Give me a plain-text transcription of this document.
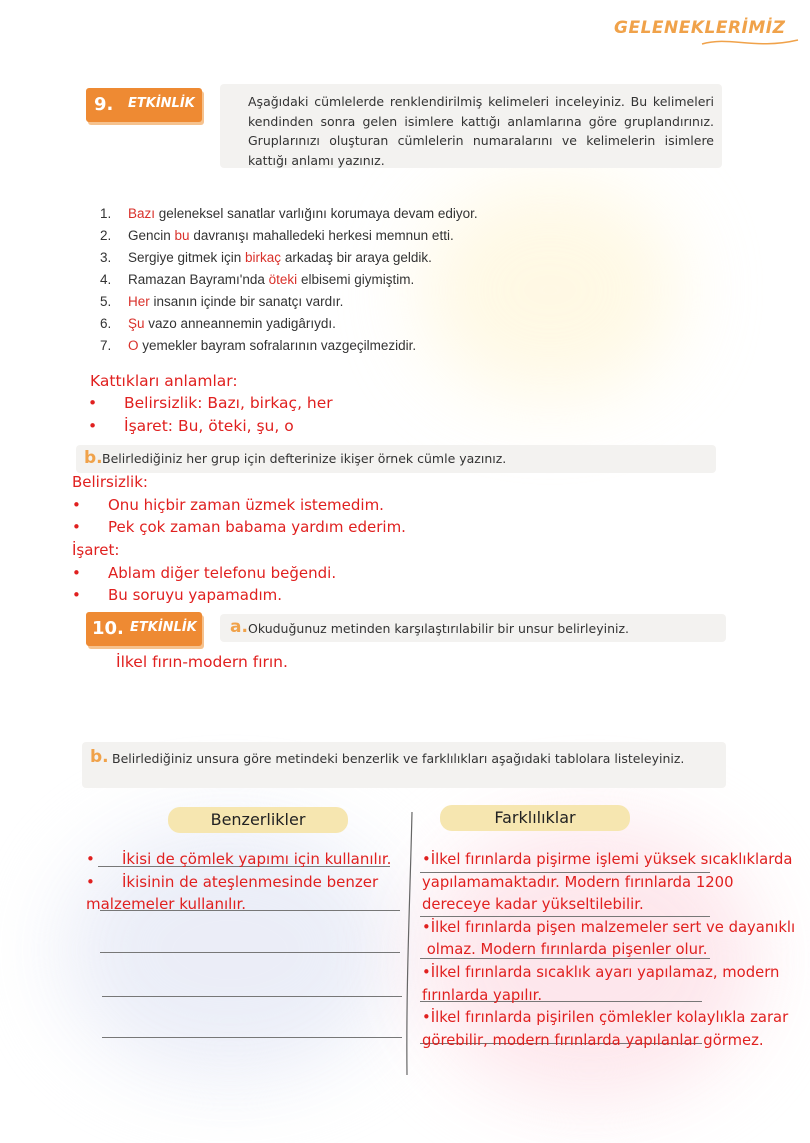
GELENEKLERİMİZ
9. ETKİNLİK	Aşağıdaki cümlelerde renklendirilmiş kelimeleri inceleyiniz. Bu kelimeleri kendinden sonra gelen isimlere kattığı anlamlarına göre gruplandırınız. Gruplarınızı oluşturan cümlelerin numaralarını ve kelimelerin isimlere kattığı anlamı yazınız.
1. Bazı geleneksel sanatlar varlığını korumaya devam ediyor.
2. Gencin bu davranışı mahalledeki herkesi memnun etti.
3. Sergiye gitmek için birkaç arkadaş bir araya geldik.
4. Ramazan Bayramı'nda öteki elbisemi giymiştim.
5. Her insanın içinde bir sanatçı vardır.
6. Şu vazo anneannemin yadigârıydı.
7. O yemekler bayram sofralarının vazgeçilmezidir.
Kattıkları anlamlar:
• Belirsizlik: Bazı, birkaç, her
• İşaret: Bu, öteki, şu, o
b. Belirlediğiniz her grup için defterinize ikişer örnek cümle yazınız.
Belirsizlik:
• Onu hiçbir zaman üzmek istemedim.
• Pek çok zaman babama yardım ederim.
İşaret:
• Ablam diğer telefonu beğendi.
• Bu soruyu yapamadım.
10. ETKİNLİK a. Okuduğunuz metinden karşılaştırılabilir bir unsur belirleyiniz.
İlkel fırın-modern fırın.
b. Belirlediğiniz unsura göre metindeki benzerlik ve farklılıkları aşağıdaki tablolara listeleyiniz.
Benzerlikler	Farklılıklar
• İkisi de çömlek yapımı için kullanılır.
• İkisinin de ateşlenmesinde benzer
malzemeler kullanılır.
•İlkel fırınlarda pişirme işlemi yüksek sıcaklıklarda
yapılamamaktadır. Modern fırınlarda 1200
dereceye kadar yükseltilebilir.
•İlkel fırınlarda pişen malzemeler sert ve dayanıklı
olmaz. Modern fırınlarda pişenler olur.
•İlkel fırınlarda sıcaklık ayarı yapılamaz, modern
fırınlarda yapılır.
•İlkel fırınlarda pişirilen çömlekler kolaylıkla zarar
görebilir, modern fırınlarda yapılanlar görmez.
